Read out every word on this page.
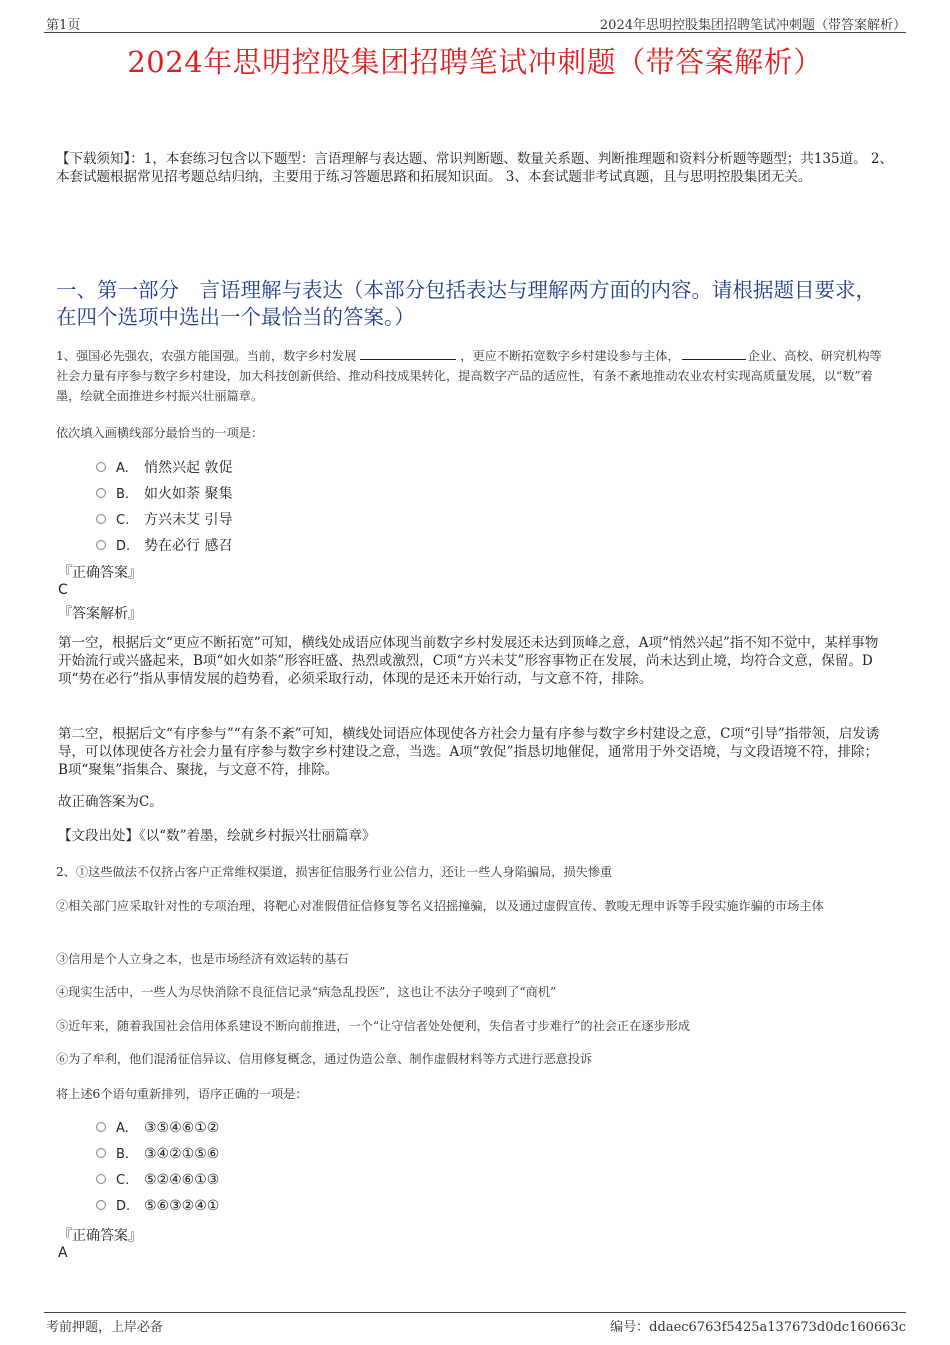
第1页	2024年思明控股集团招聘笔试冲刺题（带答案解析）
2024年思明控股集团招聘笔试冲刺题（带答案解析）
【下载须知】：1，本套练习包含以下题型：言语理解与表达题、常识判断题、数量关系题、判断推理题和资料分析题等题型；共135道。 2、本套试题根据常见招考题总结归纳，主要用于练习答题思路和拓展知识面。 3、本套试题非考试真题，且与思明控股集团无关。
一、第一部分　言语理解与表达（本部分包括表达与理解两方面的内容。请根据题目要求，在四个选项中选出一个最恰当的答案。）
1、强国必先强农，农强方能国强。当前，数字乡村发展	，更应不断拓宽数字乡村建设参与主体，	企业、高校、研究机构等社会力量有序参与数字乡村建设，加大科技创新供给、推动科技成果转化，提高数字产品的适应性，有条不紊地推动农业农村实现高质量发展，以“数”着墨，绘就全面推进乡村振兴壮丽篇章。
依次填入画横线部分最恰当的一项是：
A. 悄然兴起 敦促
B. 如火如荼 聚集
C. 方兴未艾 引导
D. 势在必行 感召
『正确答案』
C
『答案解析』
第一空，根据后文“更应不断拓宽”可知，横线处成语应体现当前数字乡村发展还未达到顶峰之意，A项“悄然兴起”指不知不觉中，某样事物开始流行或兴盛起来，B项“如火如荼”形容旺盛、热烈或激烈，C项“方兴未艾”形容事物正在发展，尚未达到止境，均符合文意，保留。D项“势在必行”指从事情发展的趋势看，必须采取行动，体现的是还未开始行动，与文意不符，排除。
第二空，根据后文“有序参与”“有条不紊”可知，横线处词语应体现使各方社会力量有序参与数字乡村建设之意，C项“引导”指带领，启发诱导，可以体现使各方社会力量有序参与数字乡村建设之意，当选。A项“敦促”指恳切地催促，通常用于外交语境，与文段语境不符，排除；B项“聚集”指集合、聚拢，与文意不符，排除。
故正确答案为C。
【文段出处】《以“数”着墨，绘就乡村振兴壮丽篇章》
2、①这些做法不仅挤占客户正常维权渠道，损害征信服务行业公信力，还让一些人身陷骗局，损失惨重
②相关部门应采取针对性的专项治理，将靶心对准假借征信修复等名义招摇撞骗，以及通过虚假宣传、教唆无理申诉等手段实施诈骗的市场主体
③信用是个人立身之本，也是市场经济有效运转的基石
④现实生活中，一些人为尽快消除不良征信记录“病急乱投医”，这也让不法分子嗅到了“商机”
⑤近年来，随着我国社会信用体系建设不断向前推进，一个“让守信者处处便利，失信者寸步难行”的社会正在逐步形成
⑥为了牟利，他们混淆征信异议、信用修复概念，通过伪造公章、制作虚假材料等方式进行恶意投诉
将上述6个语句重新排列，语序正确的一项是：
A. ③⑤④⑥①②
B. ③④②①⑤⑥
C. ⑤②④⑥①③
D. ⑤⑥③②④①
『正确答案』
A
考前押题，上岸必备	编号：ddaec6763f5425a137673d0dc160663c
